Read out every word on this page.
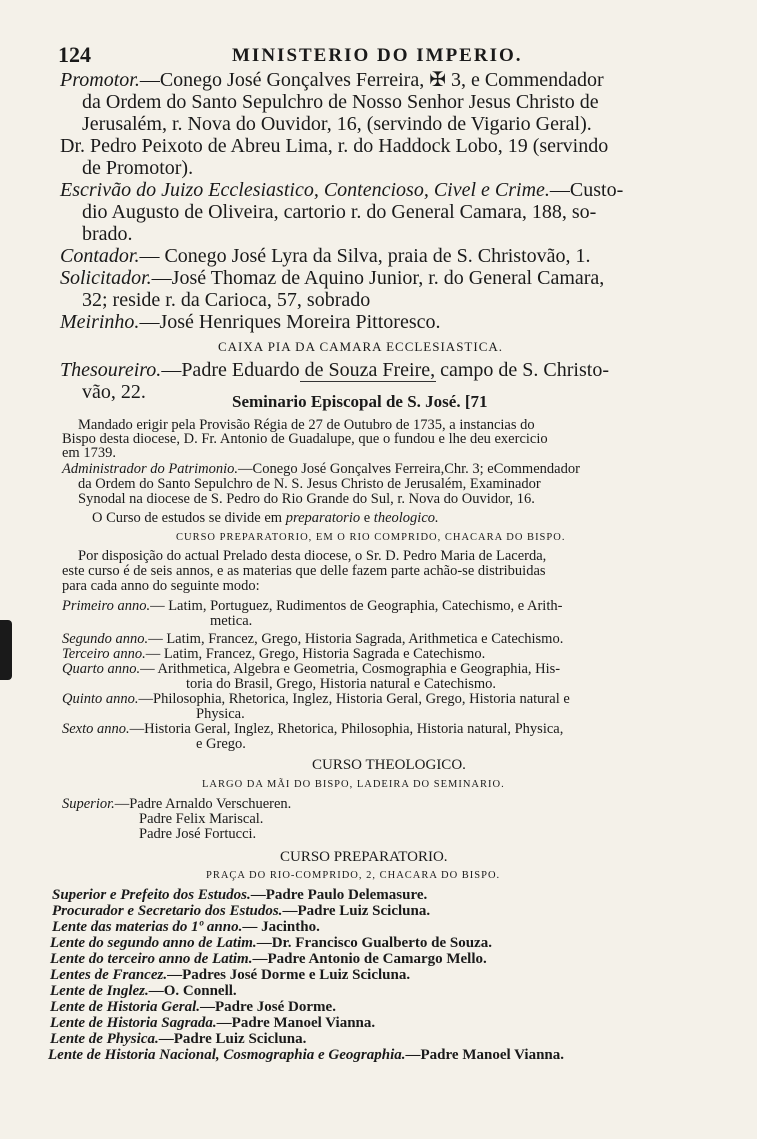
124	MINISTERIO DO IMPERIO.
Promotor.—Conego José Gonçalves Ferreira, ✠ 3, e Commendador
da Ordem do Santo Sepulchro de Nosso Senhor Jesus Christo de
Jerusalém, r. Nova do Ouvidor, 16, (servindo de Vigario Geral).
Dr. Pedro Peixoto de Abreu Lima, r. do Haddock Lobo, 19 (servindo
de Promotor).
Escrivão do Juizo Ecclesiastico, Contencioso, Civel e Crime.—Custo-
dio Augusto de Oliveira, cartorio r. do General Camara, 188, so-
brado.
Contador.— Conego José Lyra da Silva, praia de S. Christovão, 1.
Solicitador.—José Thomaz de Aquino Junior, r. do General Camara,
32; reside r. da Carioca, 57, sobrado
Meirinho.—José Henriques Moreira Pittoresco.
CAIXA PIA DA CAMARA ECCLESIASTICA.
Thesoureiro.—Padre Eduardo de Souza Freire, campo de S. Christo-
vão, 22.	Seminario Episcopal de S. José. [71
Mandado erigir pela Provisão Régia de 27 de Outubro de 1735, a instancias do
Bispo desta diocese, D. Fr. Antonio de Guadalupe, que o fundou e lhe deu exercicio
em 1739.
Administrador do Patrimonio.—Conego José Gonçalves Ferreira,Chr. 3; eCommendador
da Ordem do Santo Sepulchro de N. S. Jesus Christo de Jerusalém, Examinador
Synodal na diocese de S. Pedro do Rio Grande do Sul, r. Nova do Ouvidor, 16.
O Curso de estudos se divide em preparatorio e theologico.
CURSO PREPARATORIO, EM O RIO COMPRIDO, CHACARA DO BISPO.
Por disposição do actual Prelado desta diocese, o Sr. D. Pedro Maria de Lacerda,
este curso é de seis annos, e as materias que delle fazem parte achão-se distribuidas
para cada anno do seguinte modo:
Primeiro anno.— Latim, Portuguez, Rudimentos de Geographia, Catechismo, e Arith-
metica.
Segundo anno.— Latim, Francez, Grego, Historia Sagrada, Arithmetica e Catechismo.
Terceiro anno.— Latim, Francez, Grego, Historia Sagrada e Catechismo.
Quarto anno.— Arithmetica, Algebra e Geometria, Cosmographia e Geographia, His-
toria do Brasil, Grego, Historia natural e Catechismo.
Quinto anno.—Philosophia, Rhetorica, Inglez, Historia Geral, Grego, Historia natural e
Physica.
Sexto anno.—Historia Geral, Inglez, Rhetorica, Philosophia, Historia natural, Physica,
e Grego.
CURSO THEOLOGICO.
LARGO DA MÃI DO BISPO, LADEIRA DO SEMINARIO.
Superior.—Padre Arnaldo Verschueren.
Padre Felix Mariscal.
Padre José Fortucci.
CURSO PREPARATORIO.
PRAÇA DO RIO-COMPRIDO, 2, CHACARA DO BISPO.
Superior e Prefeito dos Estudos.—Padre Paulo Delemasure.
Procurador e Secretario dos Estudos.—Padre Luiz Scicluna.
Lente das materias do 1º anno.— Jacintho.
Lente do segundo anno de Latim.—Dr. Francisco Gualberto de Souza.
Lente do terceiro anno de Latim.—Padre Antonio de Camargo Mello.
Lentes de Francez.—Padres José Dorme e Luiz Scicluna.
Lente de Inglez.—O. Connell.
Lente de Historia Geral.—Padre José Dorme.
Lente de Historia Sagrada.—Padre Manoel Vianna.
Lente de Physica.—Padre Luiz Scicluna.
Lente de Historia Nacional, Cosmographia e Geographia.—Padre Manoel Vianna.
